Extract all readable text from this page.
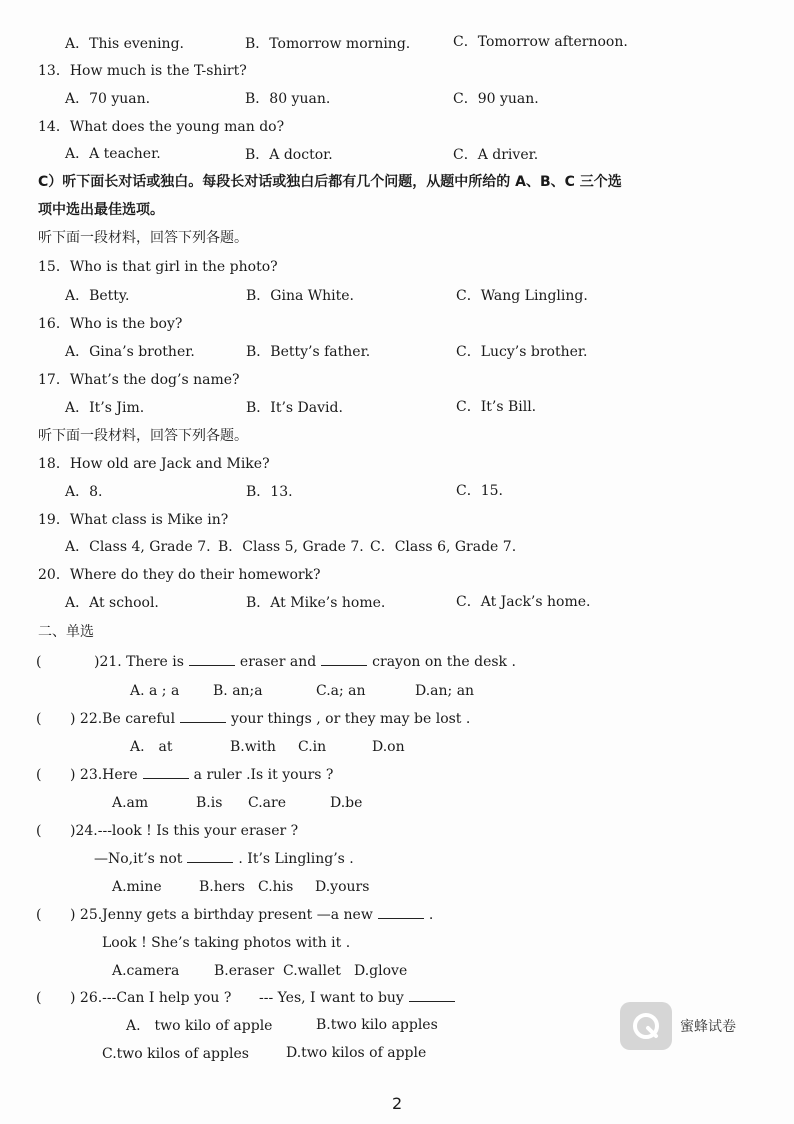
A．This evening.	B．Tomorrow morning.	C．Tomorrow afternoon.
13．How much is the T-shirt?
A．70 yuan.	B．80 yuan.	C．90 yuan.
14．What does the young man do?
A．A teacher.	B．A doctor.	C．A driver.
C）听下面长对话或独白。每段长对话或独白后都有几个问题，从题中所给的 A、B、C 三个选
项中选出最佳选项。
听下面一段材料，回答下列各题。
15．Who is that girl in the photo?
A．Betty.	B．Gina White.	C．Wang Lingling.
16．Who is the boy?
A．Gina’s brother.	B．Betty’s father.	C．Lucy’s brother.
17．What’s the dog’s name?
A．It’s Jim.	B．It’s David.	C．It’s Bill.
听下面一段材料，回答下列各题。
18．How old are Jack and Mike?
A．8.	B．13.	C．15.
19．What class is Mike in?
A．Class 4, Grade 7. B．Class 5, Grade 7. C．Class 6, Grade 7.
20．Where do they do their homework?
A．At school.	B．At Mike’s home.	C．At Jack’s home.
二、单选
(	)21. There is	eraser and	crayon on the desk .
A. a ; a B. an;a	C.a; an	D.an; an
( ) 22.Be careful	your things , or they may be lost .
A.　at	B.with C.in	D.on
( ) 23.Here	a ruler .Is it yours ?
A.am	B.is C.are	D.be
( )24.---look ! Is this your eraser ?
—No,it’s not	. It’s Lingling’s .
A.mine	B.hers C.his D.yours
( ) 25.Jenny gets a birthday present —a new	.
Look ! She’s taking photos with it .
A.camera B.eraser C.wallet D.glove
( ) 26.---Can I help you ? --- Yes, I want to buy
A.　two kilo of apple	B.two kilo apples
C.two kilos of apples	D.two kilos of apple
蜜蜂试卷
2
